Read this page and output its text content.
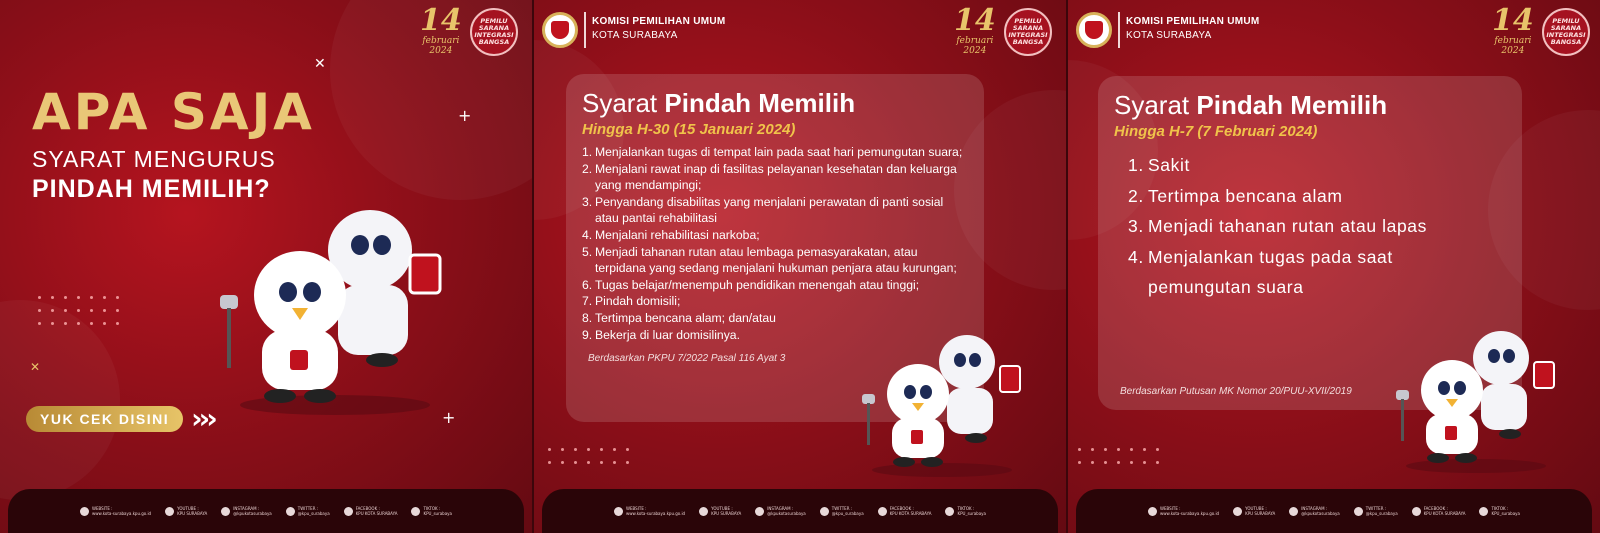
14
februari
2024
PEMILU
SARANA
INTEGRASI
BANGSA
✕
+
✕
+
APA SAJA
SYARAT MENGURUS
PINDAH MEMILIH?
YUK CEK DISINI ›››
WEBSITE :
www.kota-surabaya.kpu.go.id
YOUTUBE :
KPU SURABAYA
INSTAGRAM :
@kpukotasurabaya
TWITTER :
@kpu_surabaya
FACEBOOK :
KPU KOTA SURABAYA
TIKTOK :
KPU_surabaya
KOMISI PEMILIHAN UMUM
KOTA SURABAYA	14
februari
2024
PEMILU
SARANA
INTEGRASI
BANGSA
Syarat Pindah Memilih
Hingga H-30 (15 Januari 2024)
1. Menjalankan tugas di tempat lain pada saat hari pemungutan suara;
2. Menjalani rawat inap di fasilitas pelayanan kesehatan dan keluarga yang mendampingi;
3. Penyandang disabilitas yang menjalani perawatan di panti sosial atau pantai rehabilitasi
4. Menjalani rehabilitasi narkoba;
5. Menjadi tahanan rutan atau lembaga pemasyarakatan, atau terpidana yang sedang menjalani hukuman penjara atau kurungan;
6. Tugas belajar/menempuh pendidikan menengah atau tinggi;
7. Pindah domisili;
8. Tertimpa bencana alam; dan/atau
9. Bekerja di luar domisilinya.
Berdasarkan PKPU 7/2022 Pasal 116 Ayat 3
WEBSITE :
www.kota-surabaya.kpu.go.id
YOUTUBE :
KPU SURABAYA
INSTAGRAM :
@kpukotasurabaya
TWITTER :
@kpu_surabaya
FACEBOOK :
KPU KOTA SURABAYA
TIKTOK :
KPU_surabaya
KOMISI PEMILIHAN UMUM
KOTA SURABAYA	14
februari
2024
PEMILU
SARANA
INTEGRASI
BANGSA
Syarat Pindah Memilih
Hingga H-7 (7 Februari 2024)
1. Sakit
2. Tertimpa bencana alam
3. Menjadi tahanan rutan atau lapas
4. Menjalankan tugas pada saat pemungutan suara
Berdasarkan Putusan MK Nomor 20/PUU-XVII/2019
WEBSITE :
www.kota-surabaya.kpu.go.id
YOUTUBE :
KPU SURABAYA
INSTAGRAM :
@kpukotasurabaya
TWITTER :
@kpu_surabaya
FACEBOOK :
KPU KOTA SURABAYA
TIKTOK :
KPU_surabaya
